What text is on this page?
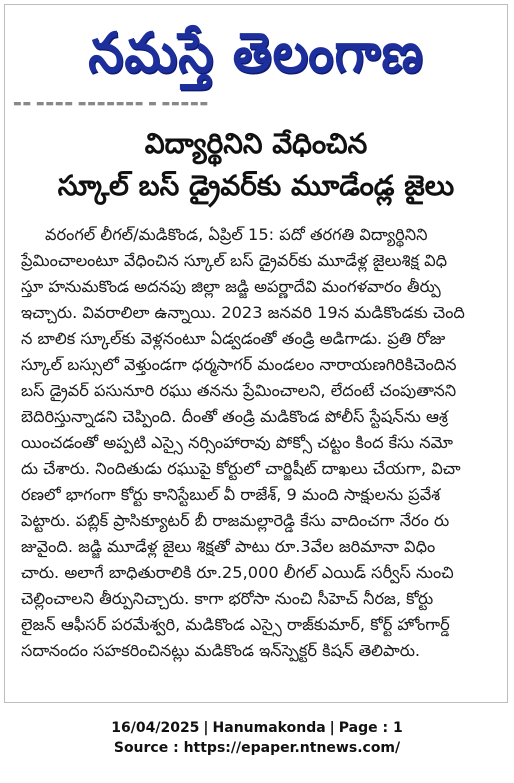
నమస్తే తెలంగాణ
▬▬ ▬▬▬▬ ▬▬▬▬▬▬▬ ▬ ▬▬▬▬▬
విద్యార్థినిని వేధించిన
స్కూల్ బస్ డ్రైవర్‌కు మూడేండ్ల జైలు
వరంగల్ లీగల్/మడికొండ, ఏప్రిల్ 15: పదో తరగతి విద్యార్థినిని
ప్రేమించాలంటూ వేధించిన స్కూల్ బస్ డ్రైవర్‌కు మూడేళ్ల జైలుశిక్ష విధి
స్తూ హనుమకొండ అదనపు జిల్లా జడ్జి అపర్ణాదేవి మంగళవారం తీర్పు
ఇచ్చారు. వివరాలిలా ఉన్నాయి. 2023 జనవరి 19న మడికొండకు చెంది
న బాలిక స్కూల్‌కు వెళ్లనంటూ ఏడ్వడంతో తండ్రి అడిగాడు. ప్రతి రోజు
స్కూల్ బస్సులో వెళ్తుండగా ధర్మసాగర్ మండలం నారాయణగిరికిచెందిన
బస్ డ్రైవర్ పసునూరి రఘు తనను ప్రేమించాలని, లేదంటే చంపుతానని
బెదిరిస్తున్నాడని చెప్పింది. దీంతో తండ్రి మడికొండ పోలీస్ స్టేషన్‌ను ఆశ్ర
యించడంతో అప్పటి ఎస్సై నర్సింహారావు పోక్సో చట్టం కింద కేసు నమో
దు చేశారు. నిందితుడు రఘుపై కోర్టులో చార్జిషీట్ దాఖలు చేయగా, విచా
రణలో భాగంగా కోర్టు కానిస్టేబుల్ వీ రాజేశ్, 9 మంది సాక్షులను ప్రవేశ
పెట్టారు. పబ్లిక్ ప్రాసిక్యూటర్ బీ రాజమల్లారెడ్డి కేసు వాదించగా నేరం రు
జువైంది. జడ్జి మూడేళ్ల జైలు శిక్షతో పాటు రూ.3వేల జరిమానా విధిం
చారు. అలాగే బాధితురాలికి రూ.25,000 లీగల్ ఎయిడ్ సర్వీస్ నుంచి
చెల్లించాలని తీర్పునిచ్చారు. కాగా భరోసా నుంచి సీహెచ్ నీరజ, కోర్టు
లైజన్ ఆఫీసర్ పరమేశ్వరి, మడికొండ ఎస్సై రాజ్‌కుమార్, కోర్ట్ హోంగార్డ్
సదానందం సహకరించినట్లు మడికొండ ఇన్‌స్పెక్టర్ కిషన్ తెలిపారు.
16/04/2025 | Hanumakonda | Page : 1
Source : https://epaper.ntnews.com/
